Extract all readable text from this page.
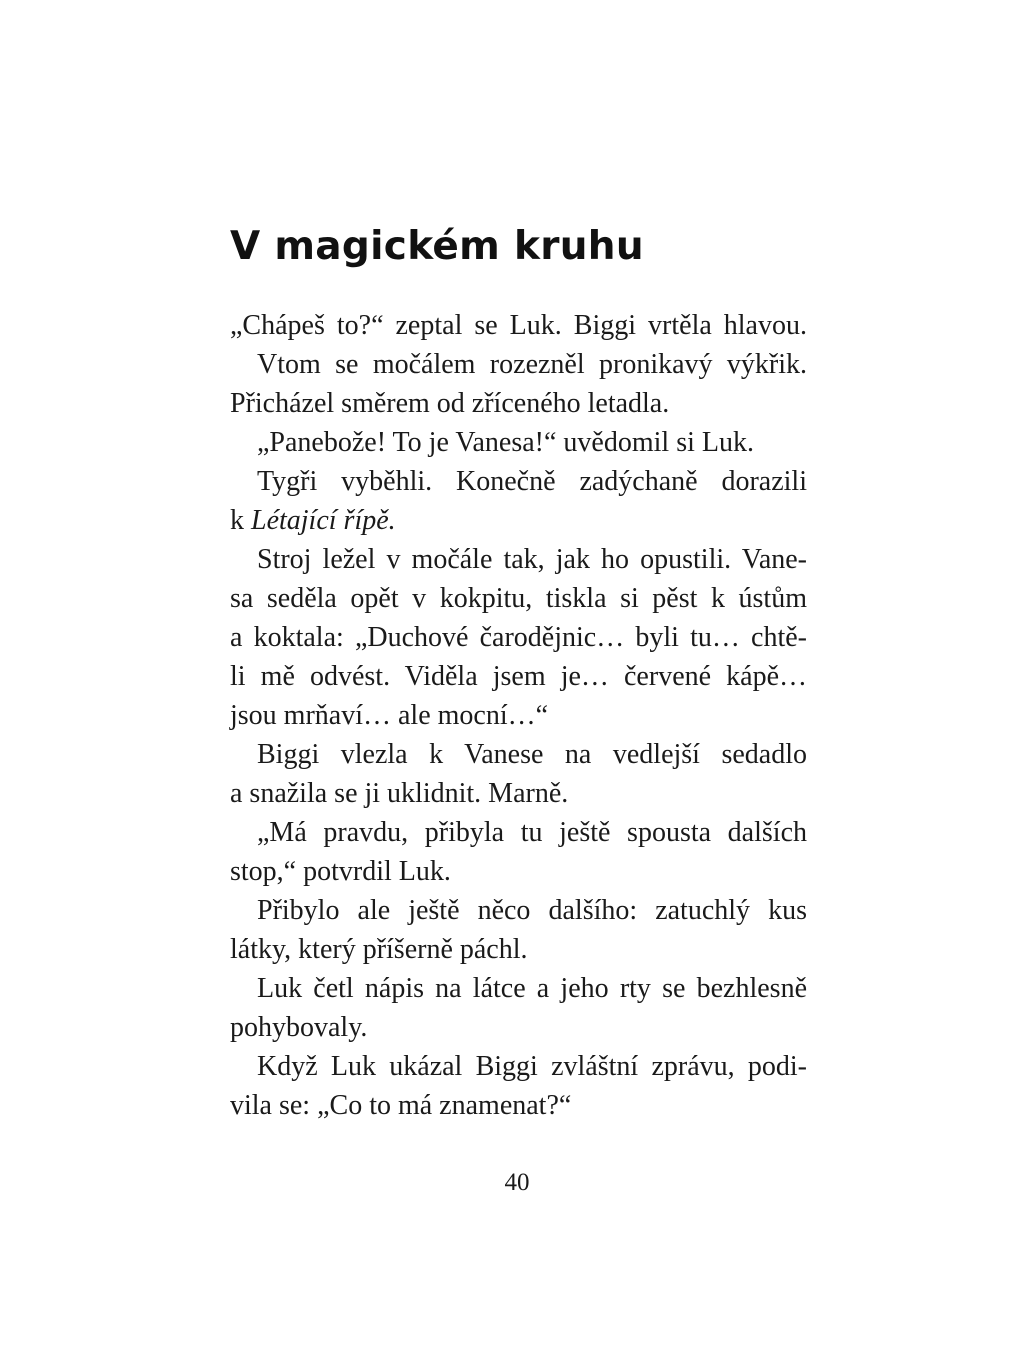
V magickém kruhu
„Chápeš to?“ zeptal se Luk. Biggi vrtěla hlavou.
Vtom se močálem rozezněl pronikavý výkřik.
Přicházel směrem od zříceného letadla.
„Panebože! To je Vanesa!“ uvědomil si Luk.
Tygři vyběhli. Konečně zadýchaně dorazili
k Létající řípě.
Stroj ležel v močále tak, jak ho opustili. Vane-
sa seděla opět v kokpitu, tiskla si pěst k ústům
a koktala: „Duchové čarodějnic… byli tu… chtě-
li mě odvést. Viděla jsem je… červené kápě…
jsou mrňaví… ale mocní…“
Biggi vlezla k Vanese na vedlejší sedadlo
a snažila se ji uklidnit. Marně.
„Má pravdu, přibyla tu ještě spousta dalších
stop,“ potvrdil Luk.
Přibylo ale ještě něco dalšího: zatuchlý kus
látky, který příšerně páchl.
Luk četl nápis na látce a jeho rty se bezhlesně
pohybovaly.
Když Luk ukázal Biggi zvláštní zprávu, podi-
vila se: „Co to má znamenat?“
40
